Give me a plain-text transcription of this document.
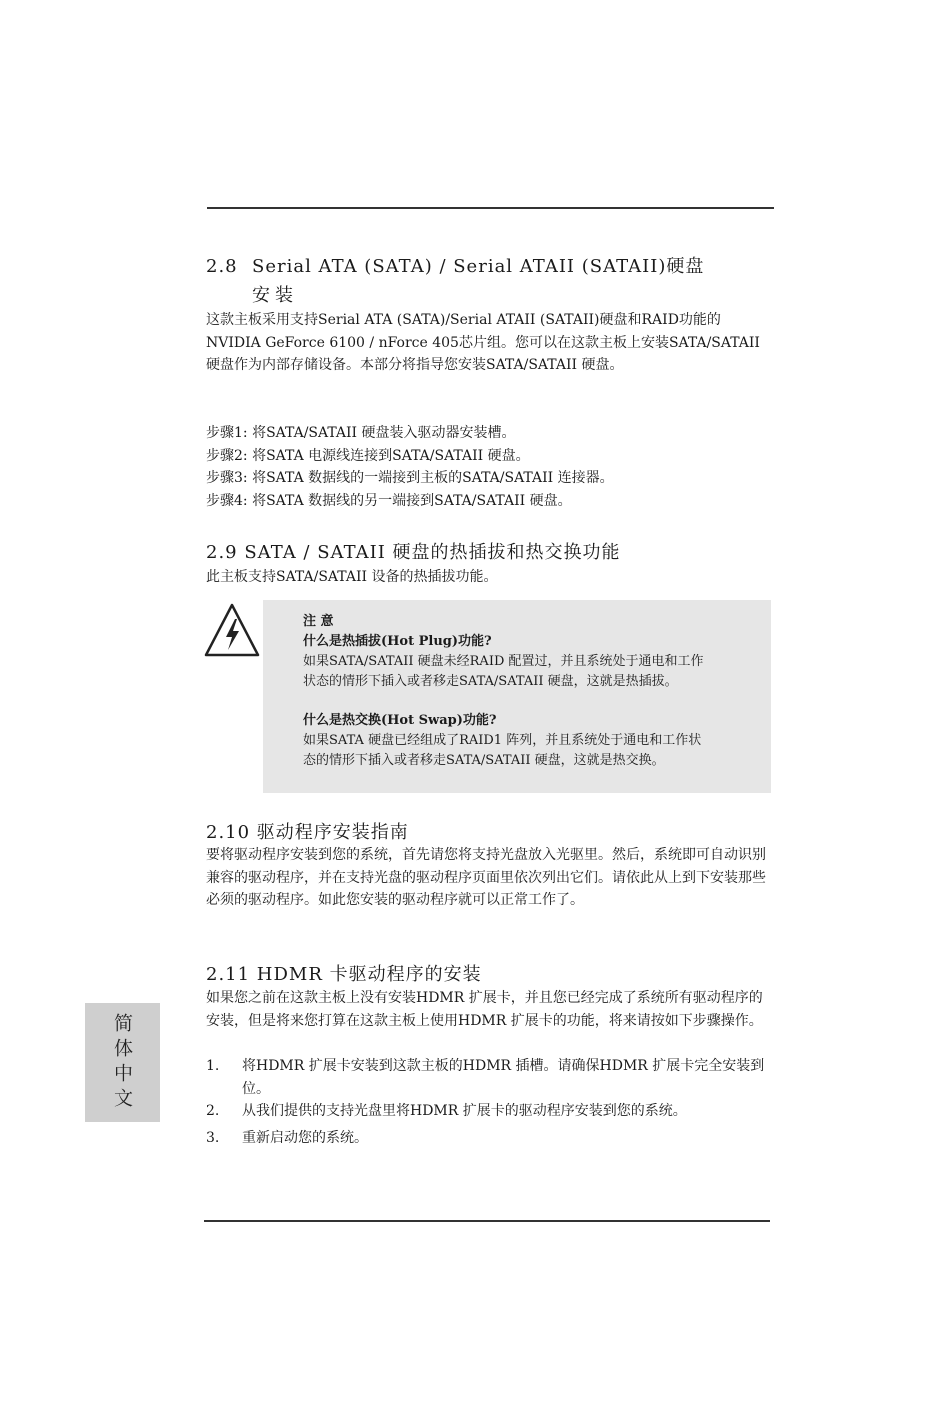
2.8 Serial ATA (SATA) / Serial ATAII (SATAII)硬盘
安装

这款主板采用支持Serial ATA (SATA)/Serial ATAII (SATAII)硬盘和RAID功能的NVIDIA GeForce 6100 / nForce 405芯片组。您可以在这款主板上安装SATA/SATAII 硬盘作为内部存储设备。本部分将指导您安装SATA/SATAII 硬盘。

步骤1: 将SATA/SATAII 硬盘装入驱动器安装槽。
步骤2: 将SATA 电源线连接到SATA/SATAII 硬盘。
步骤3: 将SATA 数据线的一端接到主板的SATA/SATAII 连接器。
步骤4: 将SATA 数据线的另一端接到SATA/SATAII 硬盘。
2.9 SATA / SATAII 硬盘的热插拔和热交换功能

此主板支持SATA/SATAII 设备的热插拔功能。

注 意
什么是热插拔(Hot Plug)功能?
如果SATA/SATAII 硬盘未经RAID 配置过，并且系统处于通电和工作
状态的情形下插入或者移走SATA/SATAII 硬盘，这就是热插拔。
什么是热交换(Hot Swap)功能?
如果SATA 硬盘已经组成了RAID1 阵列，并且系统处于通电和工作状
态的情形下插入或者移走SATA/SATAII 硬盘，这就是热交换。
2.10 驱动程序安装指南

要将驱动程序安装到您的系统，首先请您将支持光盘放入光驱里。然后，系统即可自动识别兼容的驱动程序，并在支持光盘的驱动程序页面里依次列出它们。请依此从上到下安装那些必须的驱动程序。如此您安装的驱动程序就可以正常工作了。

2.11 HDMR 卡驱动程序的安装

如果您之前在这款主板上没有安装HDMR 扩展卡，并且您已经完成了系统所有驱动程序的安装，但是将来您打算在这款主板上使用HDMR 扩展卡的功能，将来请按如下步骤操作。

1.	将HDMR 扩展卡安装到这款主板的HDMR 插槽。请确保HDMR 扩展卡完全安装到位。
2.	从我们提供的支持光盘里将HDMR 扩展卡的驱动程序安装到您的系统。
3.	重新启动您的系统。
简体中文
